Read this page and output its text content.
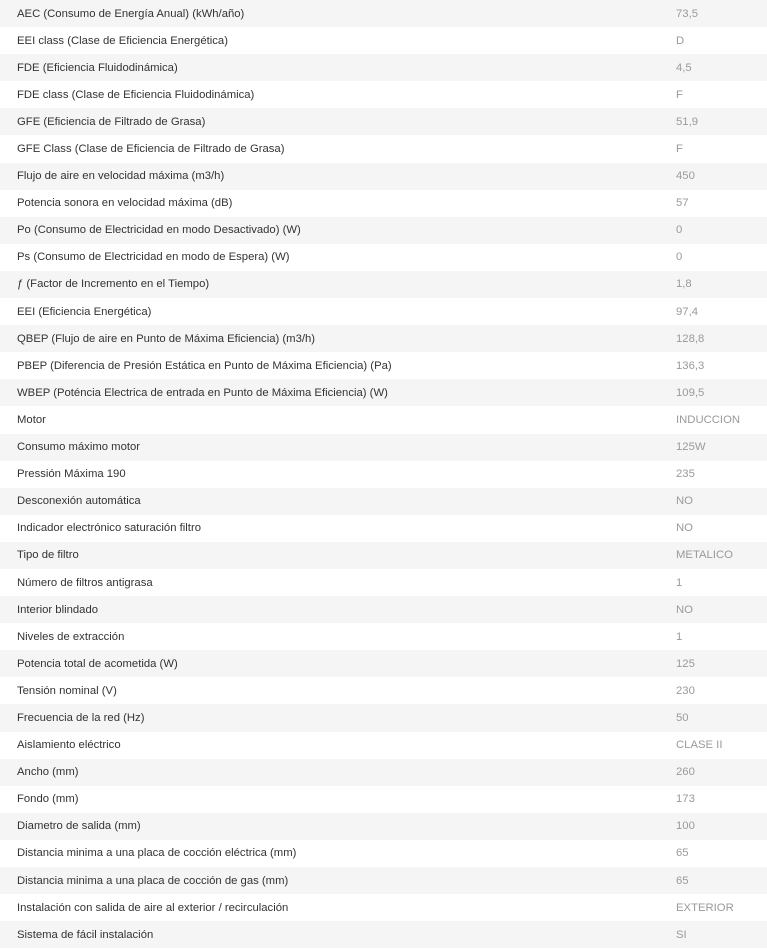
AEC (Consumo de Energía Anual) (kWh/año)	73,5
EEI class (Clase de Eficiencia Energética)	D
FDE (Eficiencia Fluidodinámica)	4,5
FDE class (Clase de Eficiencia Fluidodinámica)	F
GFE (Eficiencia de Filtrado de Grasa)	51,9
GFE Class (Clase de Eficiencia de Filtrado de Grasa)	F
Flujo de aire en velocidad máxima (m3/h)	450
Potencia sonora en velocidad máxima (dB)	57
Po (Consumo de Electricidad en modo Desactivado) (W)	0
Ps (Consumo de Electricidad en modo de Espera) (W)	0
ƒ (Factor de Incremento en el Tiempo)	1,8
EEI (Eficiencia Energética)	97,4
QBEP (Flujo de aire en Punto de Máxima Eficiencia) (m3/h)	128,8
PBEP (Diferencia de Presión Estática en Punto de Máxima Eficiencia) (Pa)	136,3
WBEP (Poténcia Electrica de entrada en Punto de Máxima Eficiencia) (W)	109,5
Motor	INDUCCION
Consumo máximo motor	125W
Pressión Máxima 190	235
Desconexión automática	NO
Indicador electrónico saturación filtro	NO
Tipo de filtro	METALICO
Número de filtros antigrasa	1
Interior blindado	NO
Niveles de extracción	1
Potencia total de acometida (W)	125
Tensión nominal (V)	230
Frecuencia de la red (Hz)	50
Aislamiento eléctrico	CLASE II
Ancho (mm)	260
Fondo (mm)	173
Diametro de salida (mm)	100
Distancia minima a una placa de cocción eléctrica (mm)	65
Distancia minima a una placa de cocción de gas (mm)	65
Instalación con salida de aire al exterior / recirculación	EXTERIOR
Sistema de fácil instalación	SI
